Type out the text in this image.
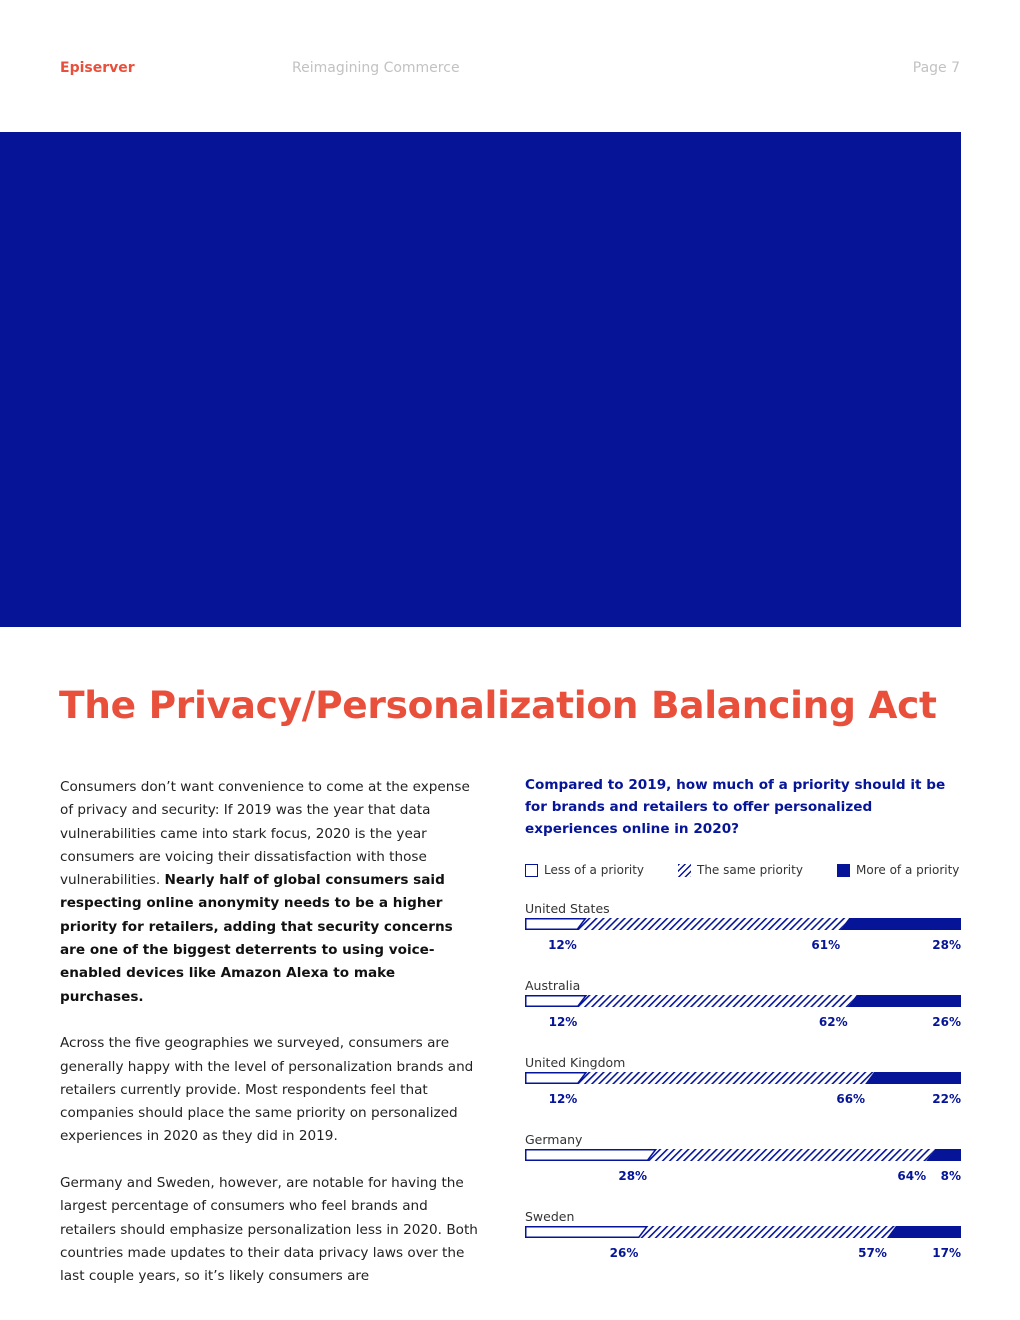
Episerver	Reimagining Commerce	Page 7
The Privacy/Personalization Balancing Act

Consumers don’t want convenience to come at the expense of privacy and security: If 2019 was the year that data vulnerabilities came into stark focus, 2020 is the year consumers are voicing their dissatisfaction with those vulnerabilities. Nearly half of global consumers said respecting online anonymity needs to be a higher priority for retailers, adding that security concerns are one of the biggest deterrents to using voice-enabled devices like Amazon Alexa to make purchases.

Across the five geographies we surveyed, consumers are generally happy with the level of personalization brands and retailers currently provide. Most respondents feel that companies should place the same priority on personalized experiences in 2020 as they did in 2019.

Germany and Sweden, however, are notable for having the largest percentage of consumers who feel brands and retailers should emphasize personalization less in 2020. Both countries made updates to their data privacy laws over the last couple years, so it’s likely consumers are

Compared to 2019, how much of a priority should it be for brands and retailers to offer personalized experiences online in 2020?
Less of a priority	The same priority	More of a priority
United States
12%	61%	28%
Australia
12%	62%	26%
United Kingdom
12%	66%	22%
Germany
28%	64% 8%
Sweden
26%	57%	17%
